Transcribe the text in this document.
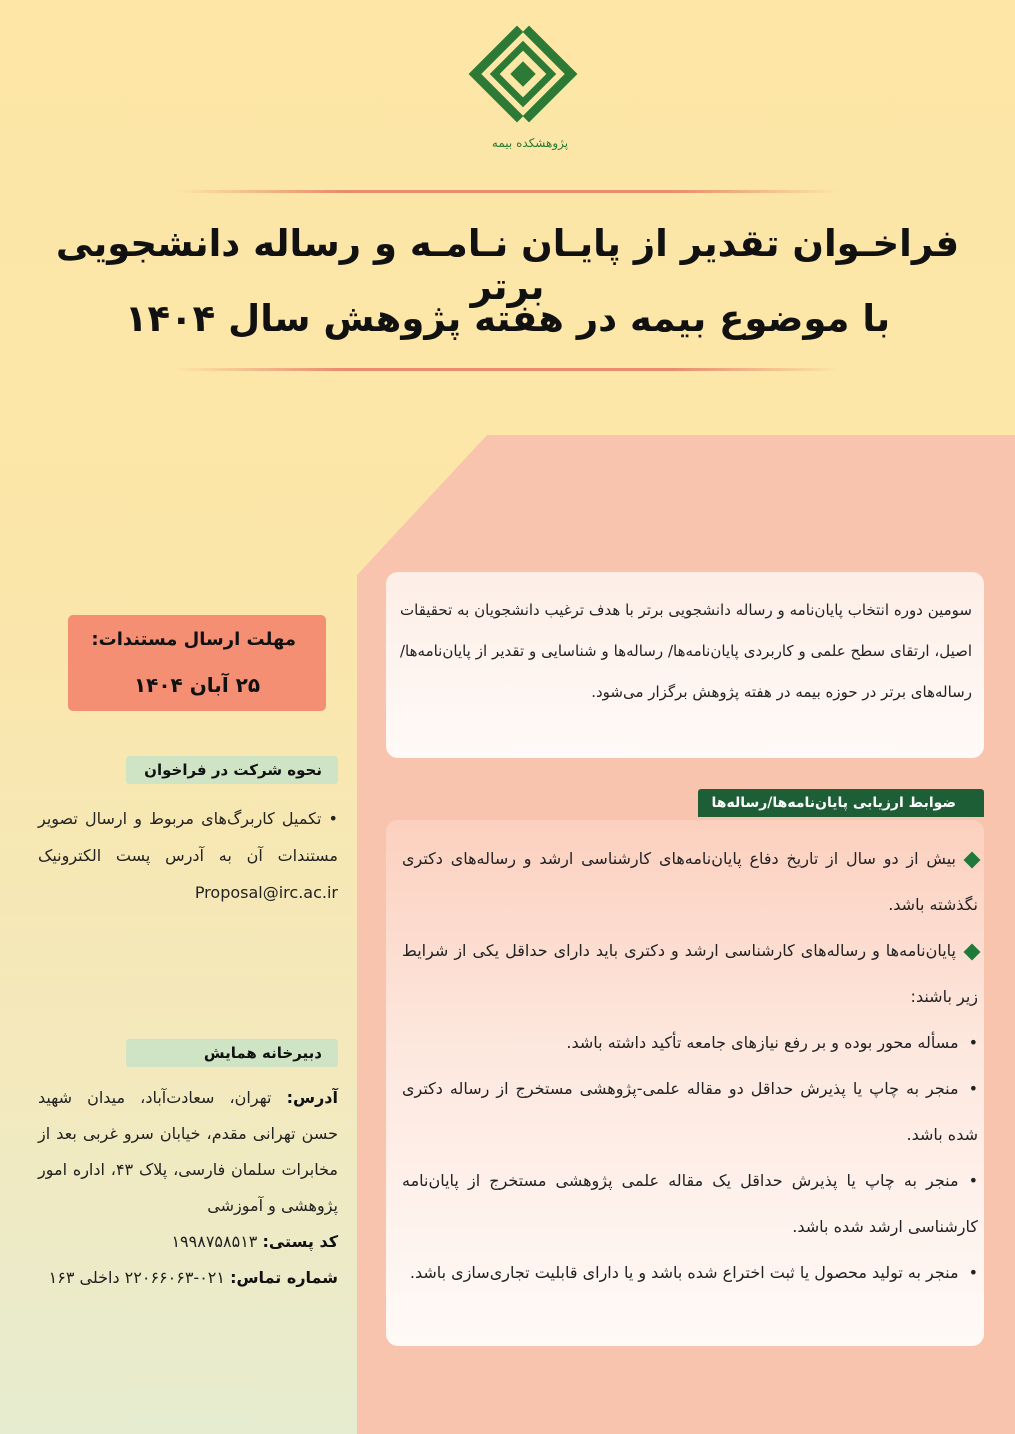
پژوهشکده بیمه
فراخـوان تقدیر از پایـان نـامـه و رساله دانشجویی برتر
با موضوع بیمه در هفته پژوهش سال ۱۴۰۴
سومین دوره انتخاب پایان‌نامه و رساله دانشجویی برتر با هدف ترغیب دانشجویان به تحقیقات اصیل، ارتقای سطح علمی و کاربردی پایان‌نامه‌ها/ رساله‌ها و شناسایی و تقدیر از پایان‌نامه‌ها/رساله‌های برتر در حوزه بیمه در هفته پژوهش برگزار می‌شود.
ضوابط ارزیابی پایان‌نامه‌ها/رساله‌ها
بیش از دو سال از تاریخ دفاع پایان‌نامه‌های کارشناسی ارشد و رساله‌های دکتری نگذشته باشد.
پایان‌نامه‌ها و رساله‌های کارشناسی ارشد و دکتری باید دارای حداقل یکی از شرایط زیر باشند:
•مسأله محور بوده و بر رفع نیازهای جامعه تأکید داشته باشد.
•منجر به چاپ یا پذیرش حداقل دو مقاله علمی-پژوهشی مستخرج از رساله دکتری شده باشد.
•منجر به چاپ یا پذیرش حداقل یک مقاله علمی پژوهشی مستخرج از پایان‌نامه کارشناسی ارشد شده باشد.
•منجر به تولید محصول یا ثبت اختراع شده باشد و یا دارای قابلیت تجاری‌سازی باشد.
مهلت ارسال مستندات:
۲۵ آبان ۱۴۰۴
نحوه شرکت در فراخوان
• تکمیل کاربرگ‌های مربوط و ارسال تصویر مستندات آن به آدرس پست الکترونیک Proposal@irc.ac.ir
دبیرخانه همایش
آدرس: تهران، سعادت‌آباد، میدان شهید حسن تهرانی مقدم، خیابان سرو غربی بعد از مخابرات سلمان فارسی، پلاک ۴۳، اداره امور پژوهشی و آموزشی
کد پستی: ۱۹۹۸۷۵۸۵۱۳
شماره تماس: ۰۲۱-۲۲۰۶۶۰۶۳ داخلی ۱۶۳
